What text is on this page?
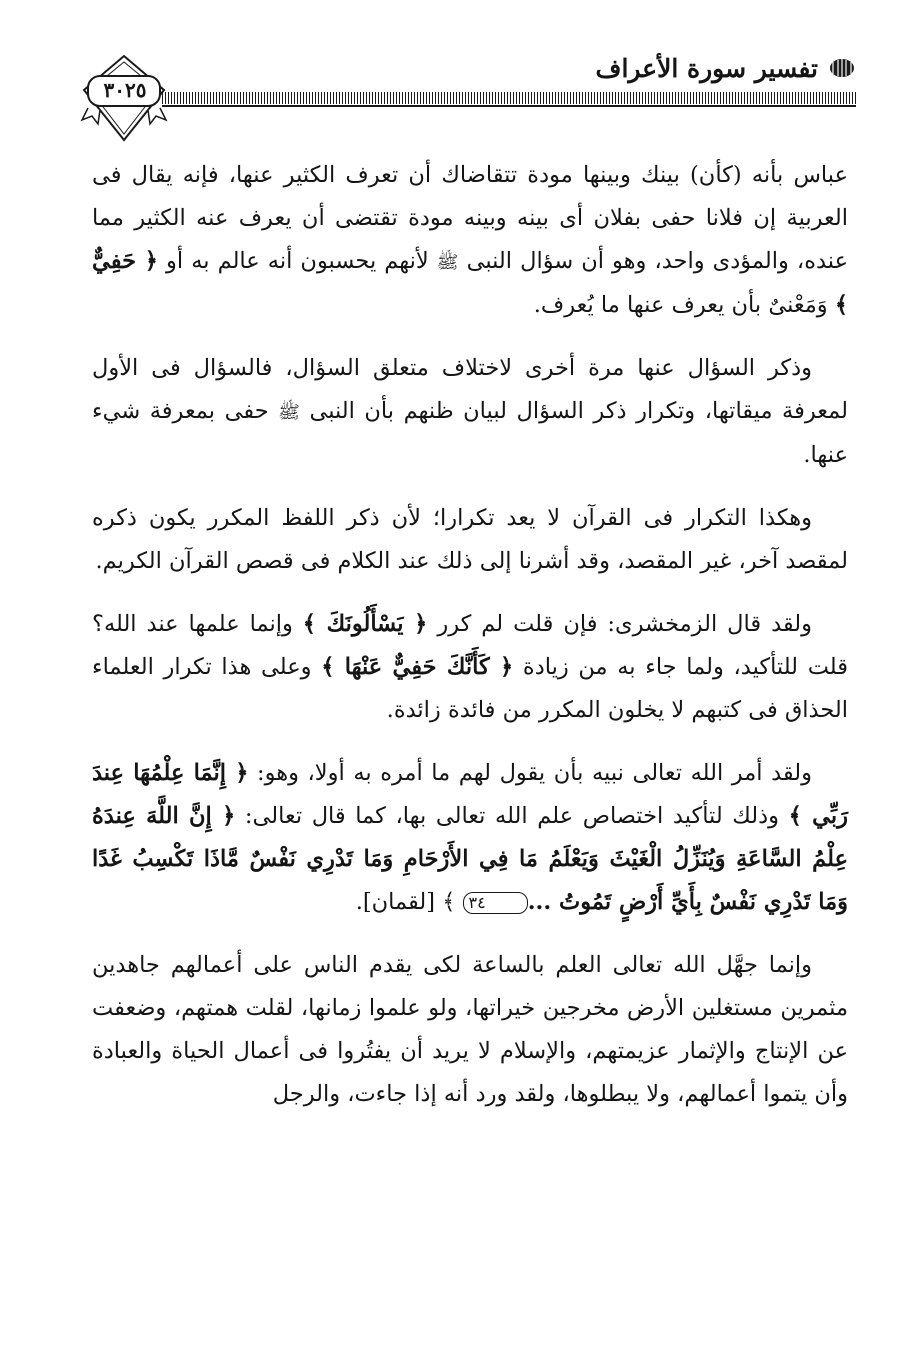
تفسير سورة الأعراف
٣٠٢٥

عباس بأنه (كأن) بينك وبينها مودة تتقاضاك أن تعرف الكثير عنها، فإنه يقال فى العربية إن فلانا حفى بفلان أى بينه وبينه مودة تقتضى أن يعرف عنه الكثير مما عنده، والمؤدى واحد، وهو أن سؤال النبى ﷺ لأنهم يحسبون أنه عالم به أو ﴿ حَفِيٌّ ﴾ وَمَعْنىٌ بأن يعرف عنها ما يُعرف.

وذكر السؤال عنها مرة أخرى لاختلاف متعلق السؤال، فالسؤال فى الأول لمعرفة ميقاتها، وتكرار ذكر السؤال لبيان ظنهم بأن النبى ﷺ حفى بمعرفة شيء عنها.

وهكذا التكرار فى القرآن لا يعد تكرارا؛ لأن ذكر اللفظ المكرر يكون ذكره لمقصد آخر، غير المقصد، وقد أشرنا إلى ذلك عند الكلام فى قصص القرآن الكريم.

ولقد قال الزمخشرى: فإن قلت لم كرر ﴿ يَسْأَلُونَكَ ﴾ وإنما علمها عند الله؟ قلت للتأكيد، ولما جاء به من زيادة ﴿ كَأَنَّكَ حَفِيٌّ عَنْهَا ﴾ وعلى هذا تكرار العلماء الحذاق فى كتبهم لا يخلون المكرر من فائدة زائدة.

ولقد أمر الله تعالى نبيه بأن يقول لهم ما أمره به أولا، وهو: ﴿ إِنَّمَا عِلْمُهَا عِندَ رَبِّي ﴾ وذلك لتأكيد اختصاص علم الله تعالى بها، كما قال تعالى: ﴿ إِنَّ اللَّهَ عِندَهُ عِلْمُ السَّاعَةِ وَيُنَزِّلُ الْغَيْثَ وَيَعْلَمُ مَا فِي الأَرْحَامِ وَمَا تَدْرِي نَفْسٌ مَّاذَا تَكْسِبُ غَدًا وَمَا تَدْرِي نَفْسٌ بِأَيِّ أَرْضٍ تَمُوتُ ...٣٤ ﴾ [لقمان].

وإنما جهَّل الله تعالى العلم بالساعة لكى يقدم الناس على أعمالهم جاهدين مثمرين مستغلين الأرض مخرجين خيراتها، ولو علموا زمانها، لقلت همتهم، وضعفت عن الإنتاج والإثمار عزيمتهم، والإسلام لا يريد أن يفتُروا فى أعمال الحياة والعبادة وأن يتموا أعمالهم، ولا يبطلوها، ولقد ورد أنه إذا جاءت، والرجل
